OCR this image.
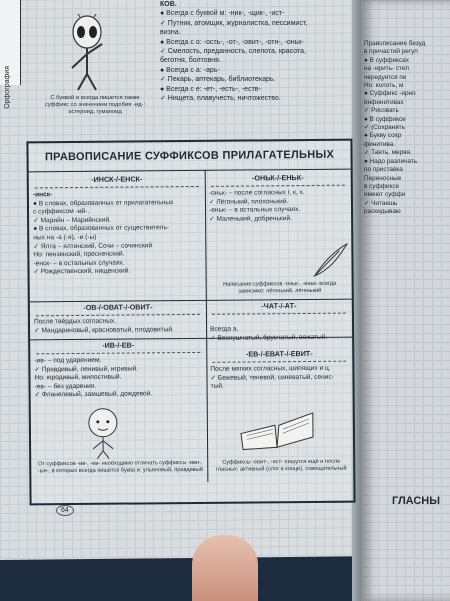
Орфография	С буквой и всегда пишется также суффикс со значением подобия -ид-: астероид, гуманоид
КОВ.
● Всегда с буквой м: -ник-, -щик-, -ист-
✓ Путник, атомщик, журналистка, пессимист,
визна.
● Всегда с о: -ость-, -от-, -овит-, -отн-, -оньк-
✓ Смелость, преданность, слепота, красота,
беготня, болтовня.
● Всегда с а: -арь-
✓ Пекарь, аптекарь, библиотекарь.
● Всегда с е: -ет-, -есть-, -еств-
✓ Нищета, плавучесть, ничтожество.
ПРАВОПИСАНИЕ СУФФИКСОВ ПРИЛАГАТЕЛЬНЫХ
-ИНСК-/-ЕНСК-	-ОНЬК-/-ЕНЬК-
-инск-
● В словах, образованных от прилагательных
с суффиксом -ий-.
✓ Марийн – Марийнский.
● В словах, образованных от существитель-
ных на -а (-я), -и (-ы)
✓ Ялта – ялтинский, Сочи – сочинский
Но: пензенский, пресненский.
-енск- – в остальных случаях.
✓ Рождественский, нищенский.
-оньк- – после согласных г, к, х.
✓ Лёгонький, плохонький.
-еньк- – в остальных случаях.
✓ Маленький, добренький.
Написание суффиксов -оньк-, -еньк- всегда зависимо: лёгонький, лёгенький
-ОВ-/-ОВАТ-/-ОВИТ-	-ЧАТ-/-АТ-
После твёрдых согласных.
✓ Мандариновый, красноватый, плодовитый.	Всегда а.
-ИВ-/-ЕВ-
-ЕВ-/-ЕВАТ-/-ЕВИТ-
-ив- – под ударением.
✓ Правдивый, ленивый, игривый.
Но: юродивый, милостивый.
-ев- – без ударения.
✓ Фланелевый, замшевый, дождевой.
После мягких согласных, шипящих и ц.
✓ Бежевый, теневой, синеватый, сенис-
тый.
От суффиксов -ив-, -ев- необходимо отличать суффиксы -ивн-, -ын-, в которых всегда пишется буква и: ульяновый, правдивый
Суффиксы -евит-, -ист- пишутся ещё и после гласных: активный (слог в конце), совещательный
64
Правописание безуд
в причастий регул
● В суффиксах
на -ирить- степ
чередуется пе
Но: колоть, м
● Суффикс -ирно
инфинитивах
✓ Рисовать
● В суффиксе
✓ (Сохранять
● Букву сохр
финитива.
✓ Таять, меряя.
● Надо различать
по приставка
Переносные
в суффиксе
имеют суффи
✓ Читаешь
раскидываю
ГЛАСНЫ
